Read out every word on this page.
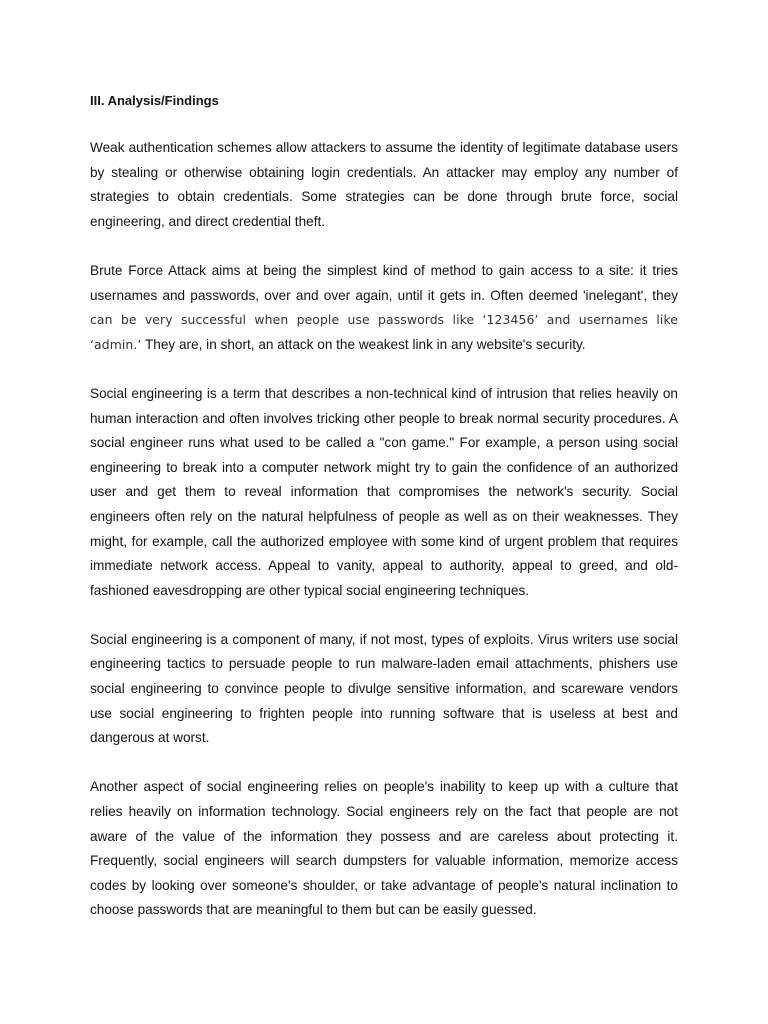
III. Analysis/Findings

Weak authentication schemes allow attackers to assume the identity of legitimate database users by stealing or otherwise obtaining login credentials. An attacker may employ any number of strategies to obtain credentials. Some strategies can be done through brute force, social engineering, and direct credential theft.

Brute Force Attack aims at being the simplest kind of method to gain access to a site: it tries usernames and passwords, over and over again, until it gets in. Often deemed 'inelegant', they can be very successful when people use passwords like ‘123456’ and usernames like ‘admin.’ They are, in short, an attack on the weakest link in any website's security.

Social engineering is a term that describes a non-technical kind of intrusion that relies heavily on human interaction and often involves tricking other people to break normal security procedures. A social engineer runs what used to be called a "con game." For example, a person using social engineering to break into a computer network might try to gain the confidence of an authorized user and get them to reveal information that compromises the network's security. Social engineers often rely on the natural helpfulness of people as well as on their weaknesses. They might, for example, call the authorized employee with some kind of urgent problem that requires immediate network access. Appeal to vanity, appeal to authority, appeal to greed, and old-fashioned eavesdropping are other typical social engineering techniques.

Social engineering is a component of many, if not most, types of exploits. Virus writers use social engineering tactics to persuade people to run malware-laden email attachments, phishers use social engineering to convince people to divulge sensitive information, and scareware vendors use social engineering to frighten people into running software that is useless at best and dangerous at worst.

Another aspect of social engineering relies on people's inability to keep up with a culture that relies heavily on information technology. Social engineers rely on the fact that people are not aware of the value of the information they possess and are careless about protecting it. Frequently, social engineers will search dumpsters for valuable information, memorize access codes by looking over someone's shoulder, or take advantage of people's natural inclination to choose passwords that are meaningful to them but can be easily guessed.
